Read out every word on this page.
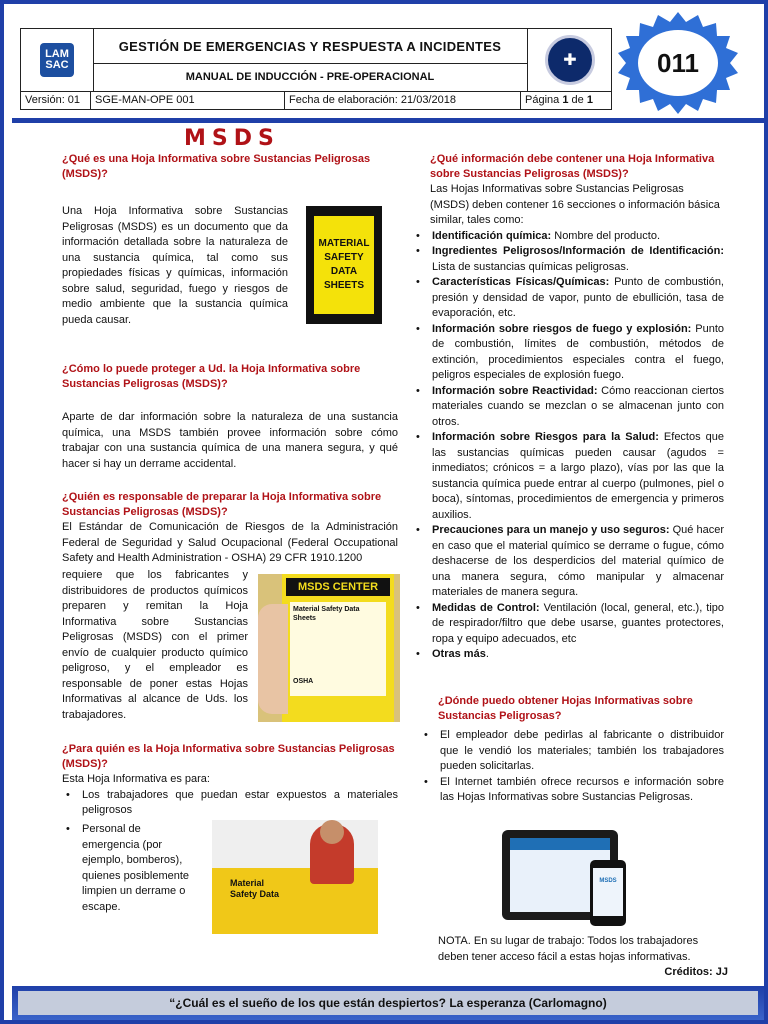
LAM SAC
GESTIÓN DE EMERGENCIAS Y RESPUESTA A INCIDENTES
MANUAL DE INDUCCIÓN - PRE-OPERACIONAL
✚
Versión: 01	SGE-MAN-OPE 001	Fecha de elaboración: 21/03/2018	Página 1 de 1
011
MSDS

¿Qué es una Hoja Informativa sobre Sustancias Peligrosas (MSDS)?

Una Hoja Informativa sobre Sustancias Peligrosas (MSDS) es un documento que da información detallada sobre la naturaleza de una sustancia química, tal como sus propiedades físicas y químicas, información sobre salud, seguridad, fuego y riesgos de medio ambiente que la sustancia química pueda causar.

MATERIAL SAFETY DATA SHEETS

¿Cómo lo puede proteger a Ud. la Hoja Informativa sobre Sustancias Peligrosas (MSDS)?

Aparte de dar información sobre la naturaleza de una sustancia química, una MSDS también provee información sobre cómo trabajar con una sustancia química de una manera segura, y qué hacer si hay un derrame accidental.

¿Quién es responsable de preparar la Hoja Informativa sobre Sustancias Peligrosas (MSDS)?

El Estándar de Comunicación de Riesgos de la Administración Federal de Seguridad y Salud Ocupacional (Federal Occupational Safety and Health Administration - OSHA) 29 CFR 1910.1200

requiere que los fabricantes y distribuidores de productos químicos preparen y remitan la Hoja Informativa sobre Sustancias Peligrosas (MSDS) con el primer envío de cualquier producto químico peligroso, y el empleador es responsable de poner estas Hojas Informativas al alcance de Uds. los trabajadores.

MSDS CENTER
Material Safety Data Sheets
OSHA

¿Para quién es la Hoja Informativa sobre Sustancias Peligrosas (MSDS)?

Esta Hoja Informativa es para:

• Los trabajadores que puedan estar expuestos a materiales peligrosos
• Personal de emergencia (por ejemplo, bomberos), quienes posiblemente limpien un derrame o escape.
Material Safety Data

¿Qué información debe contener una Hoja Informativa sobre Sustancias Peligrosas (MSDS)?

Las Hojas Informativas sobre Sustancias Peligrosas (MSDS) deben contener 16 secciones o información básica similar, tales como:

• Identificación química: Nombre del producto.
• Ingredientes Peligrosos/Información de Identificación: Lista de sustancias químicas peligrosas.
• Características Físicas/Químicas: Punto de combustión, presión y densidad de vapor, punto de ebullición, tasa de evaporación, etc.
• Información sobre riesgos de fuego y explosión: Punto de combustión, límites de combustión, métodos de extinción, procedimientos especiales contra el fuego, peligros especiales de explosión fuego.
• Información sobre Reactividad: Cómo reaccionan ciertos materiales cuando se mezclan o se almacenan junto con otros.
• Información sobre Riesgos para la Salud: Efectos que las sustancias químicas pueden causar (agudos = inmediatos; crónicos = a largo plazo), vías por las que la sustancia química puede entrar al cuerpo (pulmones, piel o boca), síntomas, procedimientos de emergencia y primeros auxilios.
• Precauciones para un manejo y uso seguros: Qué hacer en caso que el material químico se derrame o fugue, cómo deshacerse de los desperdicios del material químico de una manera segura, cómo manipular y almacenar materiales de manera segura.
• Medidas de Control: Ventilación (local, general, etc.), tipo de respirador/filtro que debe usarse, guantes protectores, ropa y equipo adecuados, etc
• Otras más.

¿Dónde puedo obtener Hojas Informativas sobre Sustancias Peligrosas?

• El empleador debe pedirlas al fabricante o distribuidor que le vendió los materiales; también los trabajadores pueden solicitarlas.
• El Internet también ofrece recursos e información sobre las Hojas Informativas sobre Sustancias Peligrosas.
MSDS

NOTA. En su lugar de trabajo: Todos los trabajadores deben tener acceso fácil a estas hojas informativas.

Créditos: JJ

“¿Cuál es el sueño de los que están despiertos? La esperanza (Carlomagno)
